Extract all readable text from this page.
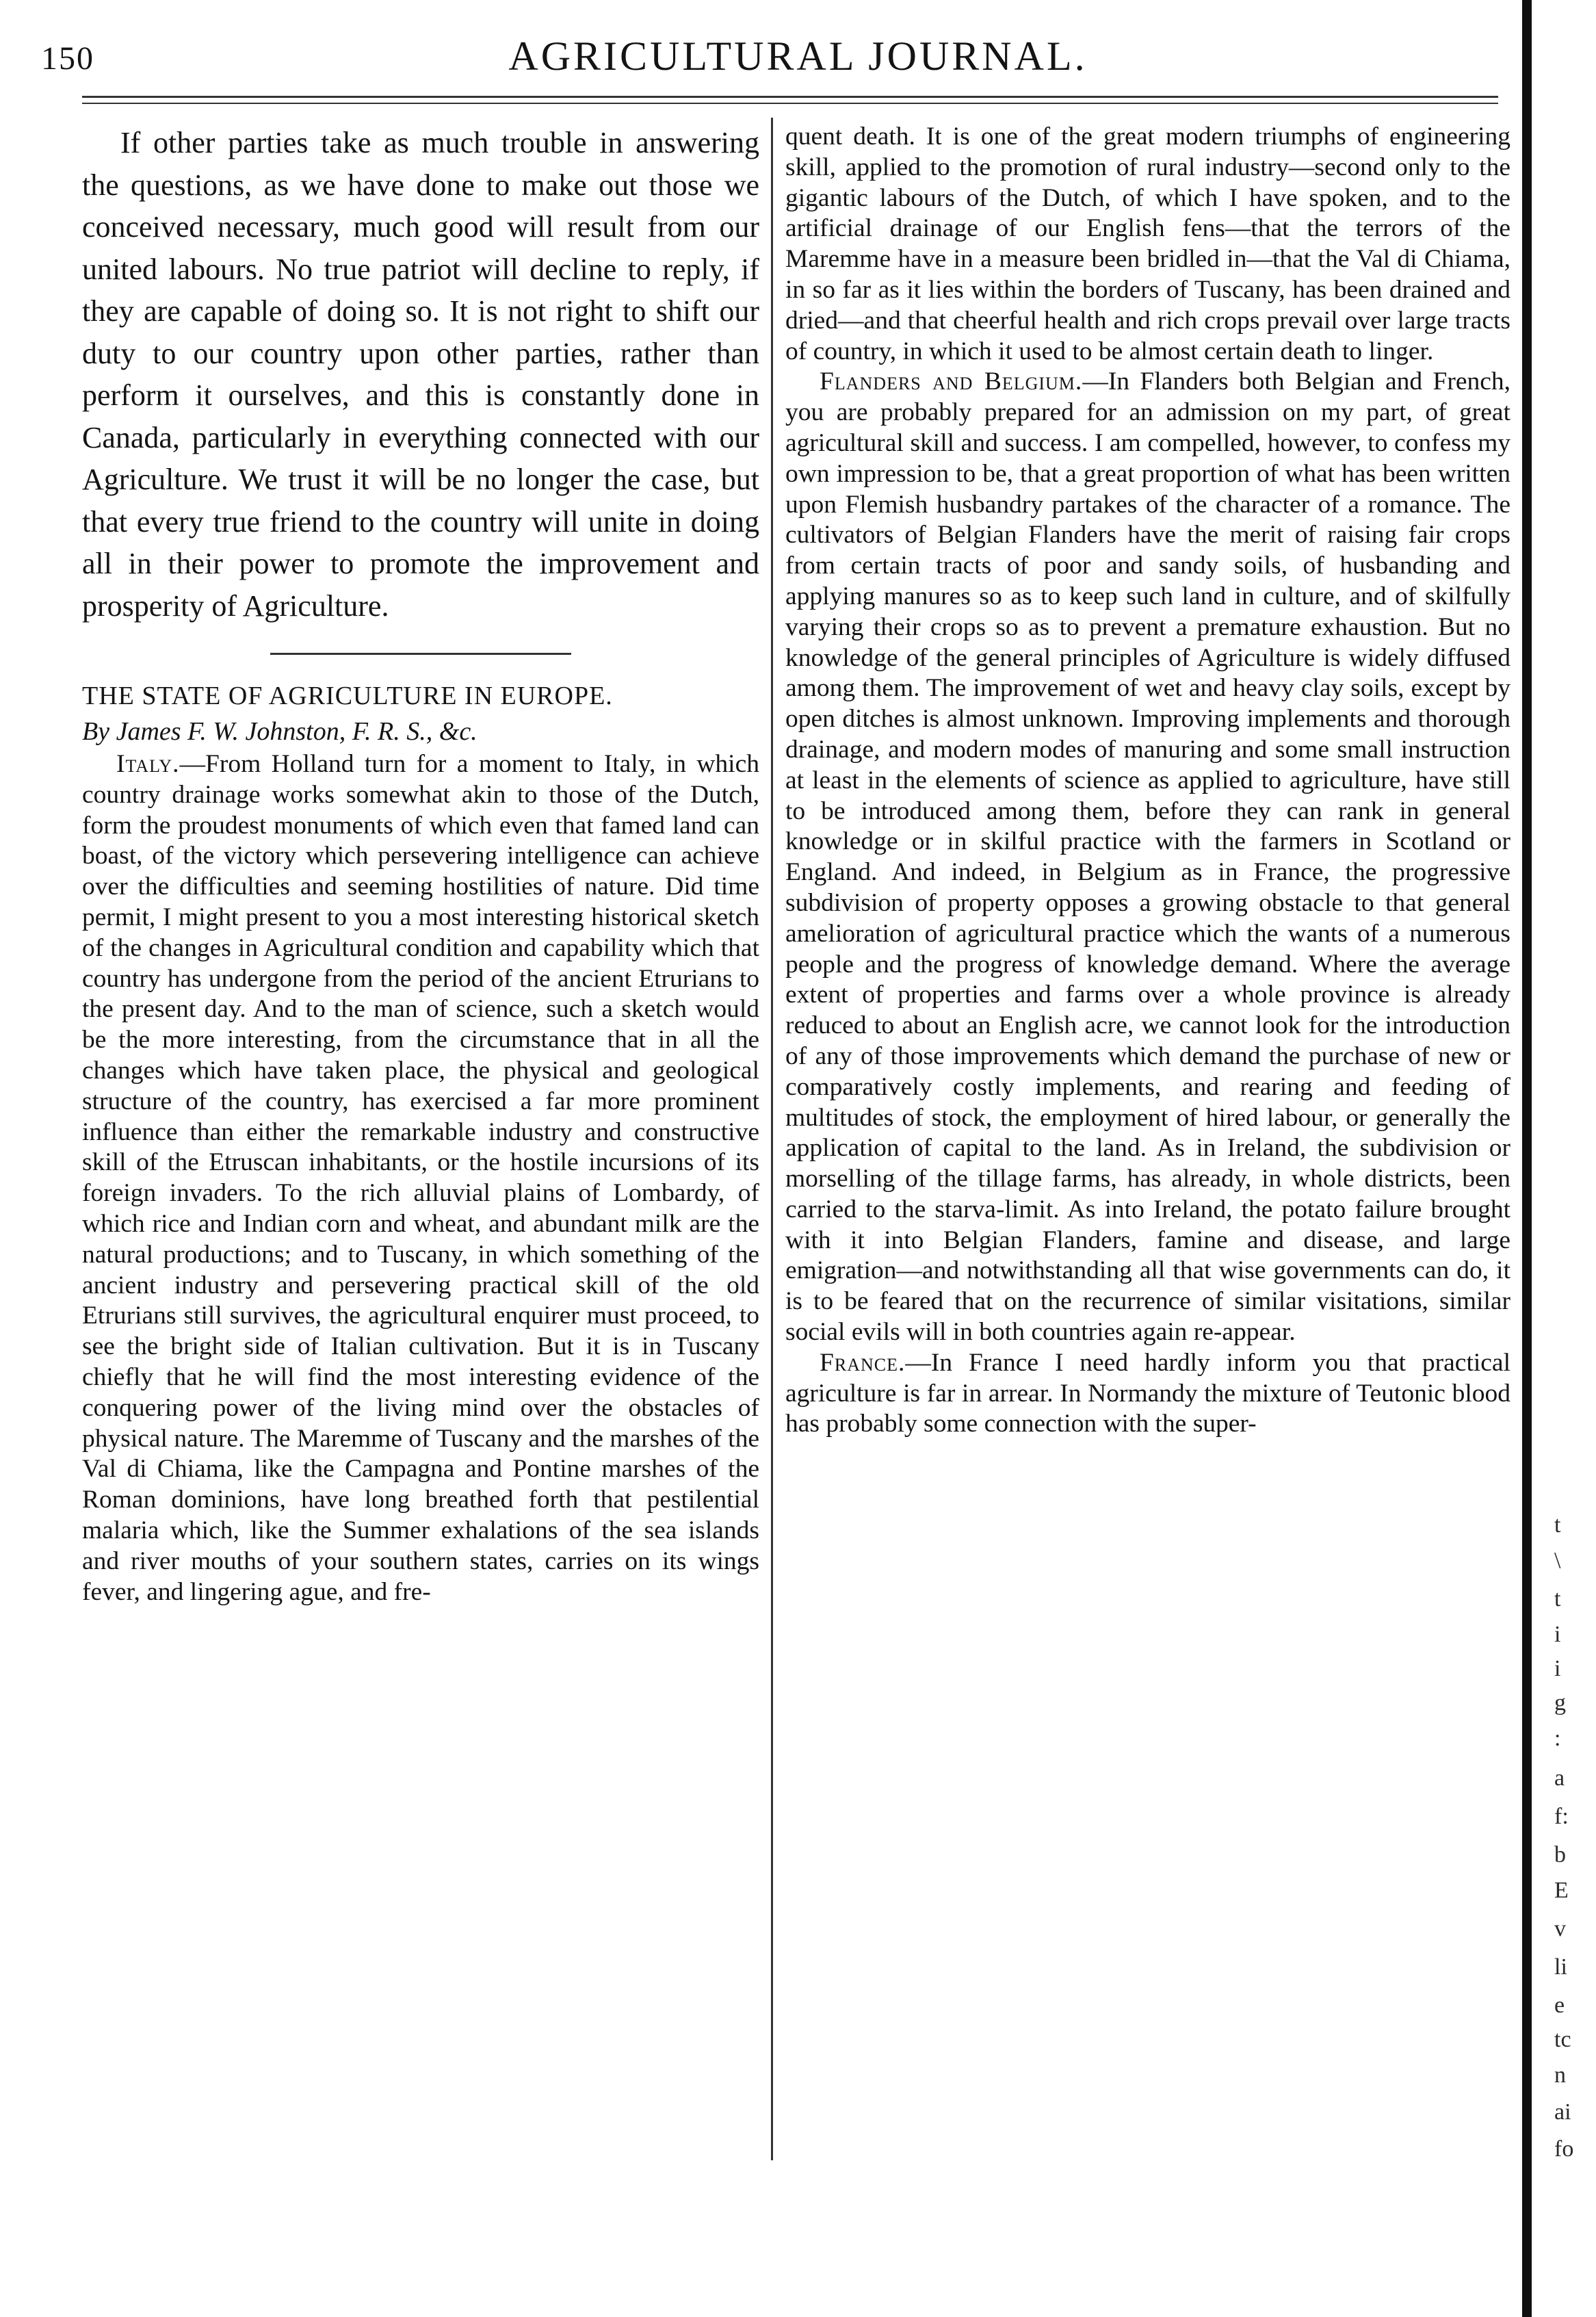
150	AGRICULTURAL JOURNAL.

If other parties take as much trouble in answering the questions, as we have done to make out those we conceived necessary, much good will result from our united labours. No true patriot will decline to reply, if they are capable of doing so. It is not right to shift our duty to our country upon other parties, rather than perform it ourselves, and this is constantly done in Canada, particularly in everything connected with our Agriculture. We trust it will be no longer the case, but that every true friend to the country will unite in doing all in their power to promote the improvement and prosperity of Agriculture.

THE STATE OF AGRICULTURE IN EUROPE.

By James F. W. Johnston, F. R. S., &c.

Italy.—From Holland turn for a moment to Italy, in which country drainage works somewhat akin to those of the Dutch, form the proudest monuments of which even that famed land can boast, of the victory which persevering intelligence can achieve over the difficulties and seeming hostilities of nature. Did time permit, I might present to you a most interesting historical sketch of the changes in Agricultural condition and capability which that country has undergone from the period of the ancient Etrurians to the present day. And to the man of science, such a sketch would be the more interesting, from the circumstance that in all the changes which have taken place, the physical and geological structure of the country, has exercised a far more prominent influence than either the remarkable industry and constructive skill of the Etruscan inhabitants, or the hostile incursions of its foreign invaders. To the rich alluvial plains of Lombardy, of which rice and Indian corn and wheat, and abundant milk are the natural productions; and to Tuscany, in which something of the ancient industry and persevering practical skill of the old Etrurians still survives, the agricultural enquirer must proceed, to see the bright side of Italian cultivation. But it is in Tuscany chiefly that he will find the most interesting evidence of the conquering power of the living mind over the obstacles of physical nature. The Maremme of Tuscany and the marshes of the Val di Chiama, like the Campagna and Pontine marshes of the Roman dominions, have long breathed forth that pestilential malaria which, like the Summer exhalations of the sea islands and river mouths of your southern states, carries on its wings fever, and lingering ague, and fre-

quent death. It is one of the great modern triumphs of engineering skill, applied to the promotion of rural industry—second only to the gigantic labours of the Dutch, of which I have spoken, and to the artificial drainage of our English fens—that the terrors of the Maremme have in a measure been bridled in—that the Val di Chiama, in so far as it lies within the borders of Tuscany, has been drained and dried—and that cheerful health and rich crops prevail over large tracts of country, in which it used to be almost certain death to linger.

Flanders and Belgium.—In Flanders both Belgian and French, you are probably prepared for an admission on my part, of great agricultural skill and success. I am compelled, however, to confess my own impression to be, that a great proportion of what has been written upon Flemish husbandry partakes of the character of a romance. The cultivators of Belgian Flanders have the merit of raising fair crops from certain tracts of poor and sandy soils, of husbanding and applying manures so as to keep such land in culture, and of skilfully varying their crops so as to prevent a premature exhaustion. But no knowledge of the general principles of Agriculture is widely diffused among them. The improvement of wet and heavy clay soils, except by open ditches is almost unknown. Improving implements and thorough drainage, and modern modes of manuring and some small instruction at least in the elements of science as applied to agriculture, have still to be introduced among them, before they can rank in general knowledge or in skilful practice with the farmers in Scotland or England. And indeed, in Belgium as in France, the progressive subdivision of property opposes a growing obstacle to that general amelioration of agricultural practice which the wants of a numerous people and the progress of knowledge demand. Where the average extent of properties and farms over a whole province is already reduced to about an English acre, we cannot look for the introduction of any of those improvements which demand the purchase of new or comparatively costly implements, and rearing and feeding of multitudes of stock, the employment of hired labour, or generally the application of capital to the land. As in Ireland, the subdivision or morselling of the tillage farms, has already, in whole districts, been carried to the starva-limit. As into Ireland, the potato failure brought with it into Belgian Flanders, famine and disease, and large emigration—and notwithstanding all that wise governments can do, it is to be feared that on the recurrence of similar visitations, similar social evils will in both countries again re-appear.

France.—In France I need hardly inform you that practical agriculture is far in arrear. In Normandy the mixture of Teutonic blood has probably some connection with the super-

t
\
t
i
i
g
:
a
f:
b
E
v
li
e
tc
n
ai
fo
